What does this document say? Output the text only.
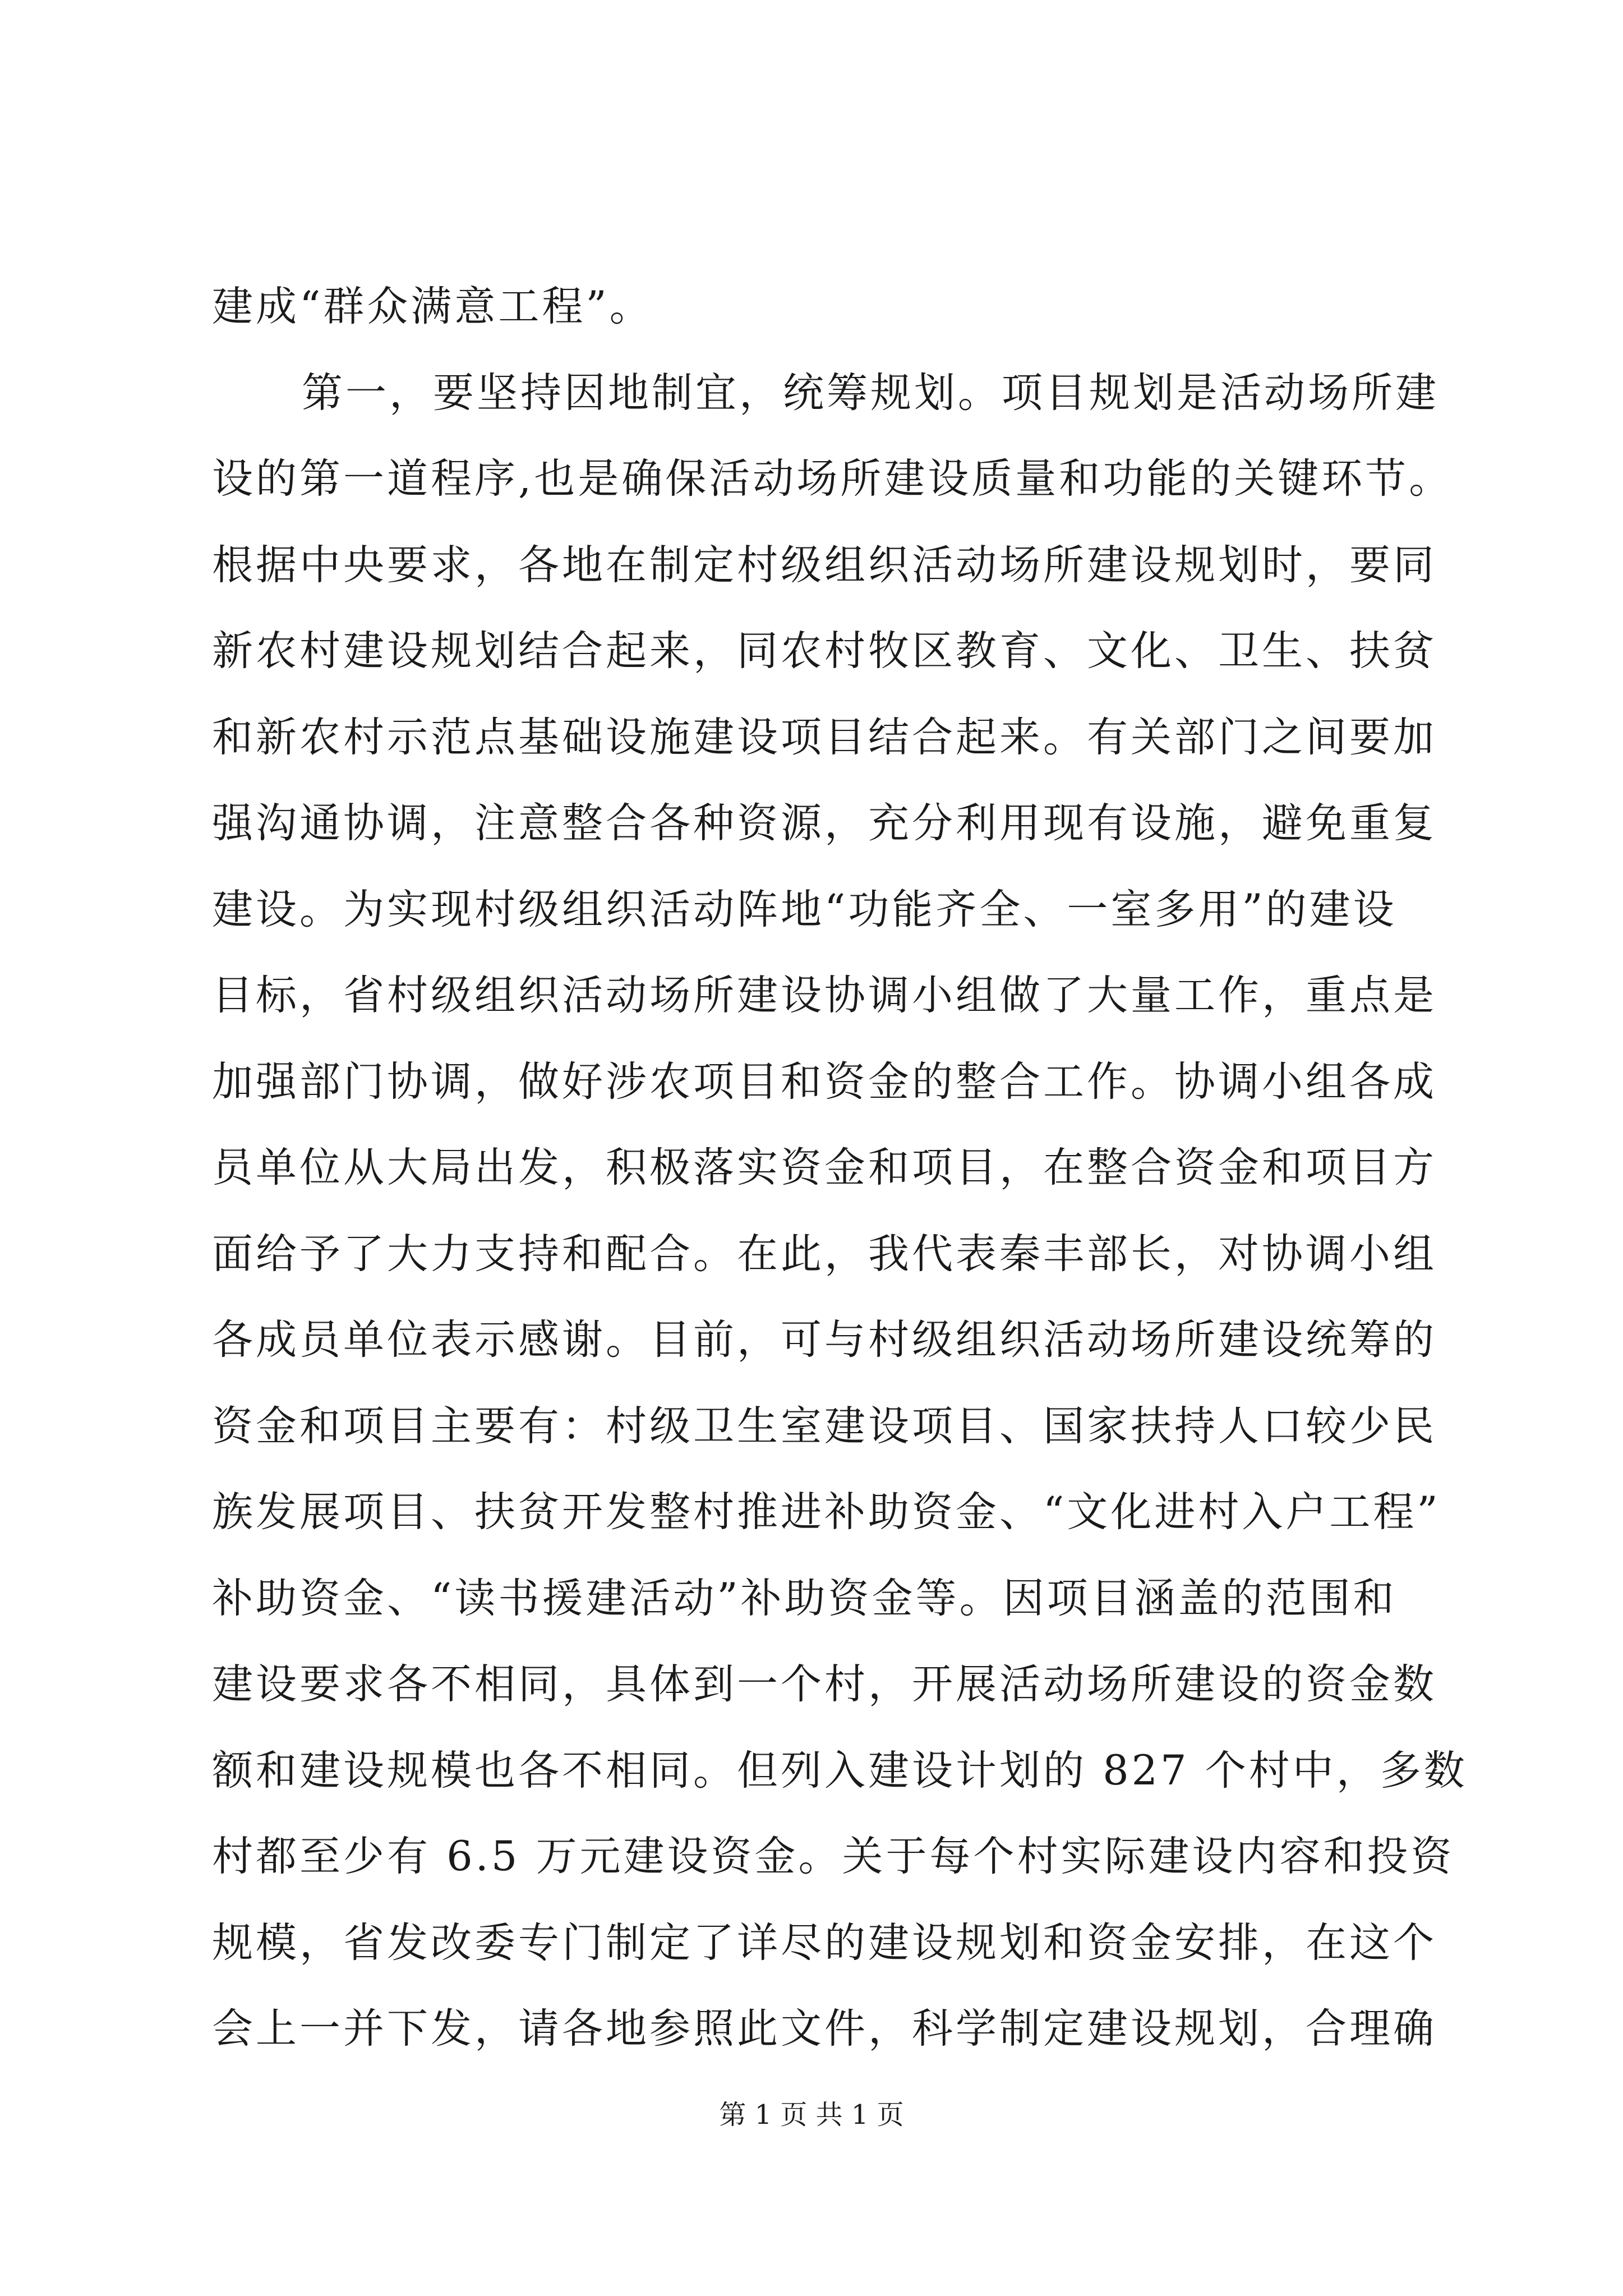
建成“群众满意工程”。
第一，要坚持因地制宜，统筹规划。项目规划是活动场所建
设的第一道程序,也是确保活动场所建设质量和功能的关键环节。
根据中央要求，各地在制定村级组织活动场所建设规划时，要同
新农村建设规划结合起来，同农村牧区教育、文化、卫生、扶贫
和新农村示范点基础设施建设项目结合起来。有关部门之间要加
强沟通协调，注意整合各种资源，充分利用现有设施，避免重复
建设。为实现村级组织活动阵地“功能齐全、一室多用”的建设
目标，省村级组织活动场所建设协调小组做了大量工作，重点是
加强部门协调，做好涉农项目和资金的整合工作。协调小组各成
员单位从大局出发，积极落实资金和项目，在整合资金和项目方
面给予了大力支持和配合。在此，我代表秦丰部长，对协调小组
各成员单位表示感谢。目前，可与村级组织活动场所建设统筹的
资金和项目主要有：村级卫生室建设项目、国家扶持人口较少民
族发展项目、扶贫开发整村推进补助资金、“文化进村入户工程”
补助资金、“读书援建活动”补助资金等。因项目涵盖的范围和
建设要求各不相同，具体到一个村，开展活动场所建设的资金数
额和建设规模也各不相同。但列入建设计划的 827 个村中，多数
村都至少有 6.5 万元建设资金。关于每个村实际建设内容和投资
规模，省发改委专门制定了详尽的建设规划和资金安排，在这个
会上一并下发，请各地参照此文件，科学制定建设规划，合理确
第 1 页 共 1 页
